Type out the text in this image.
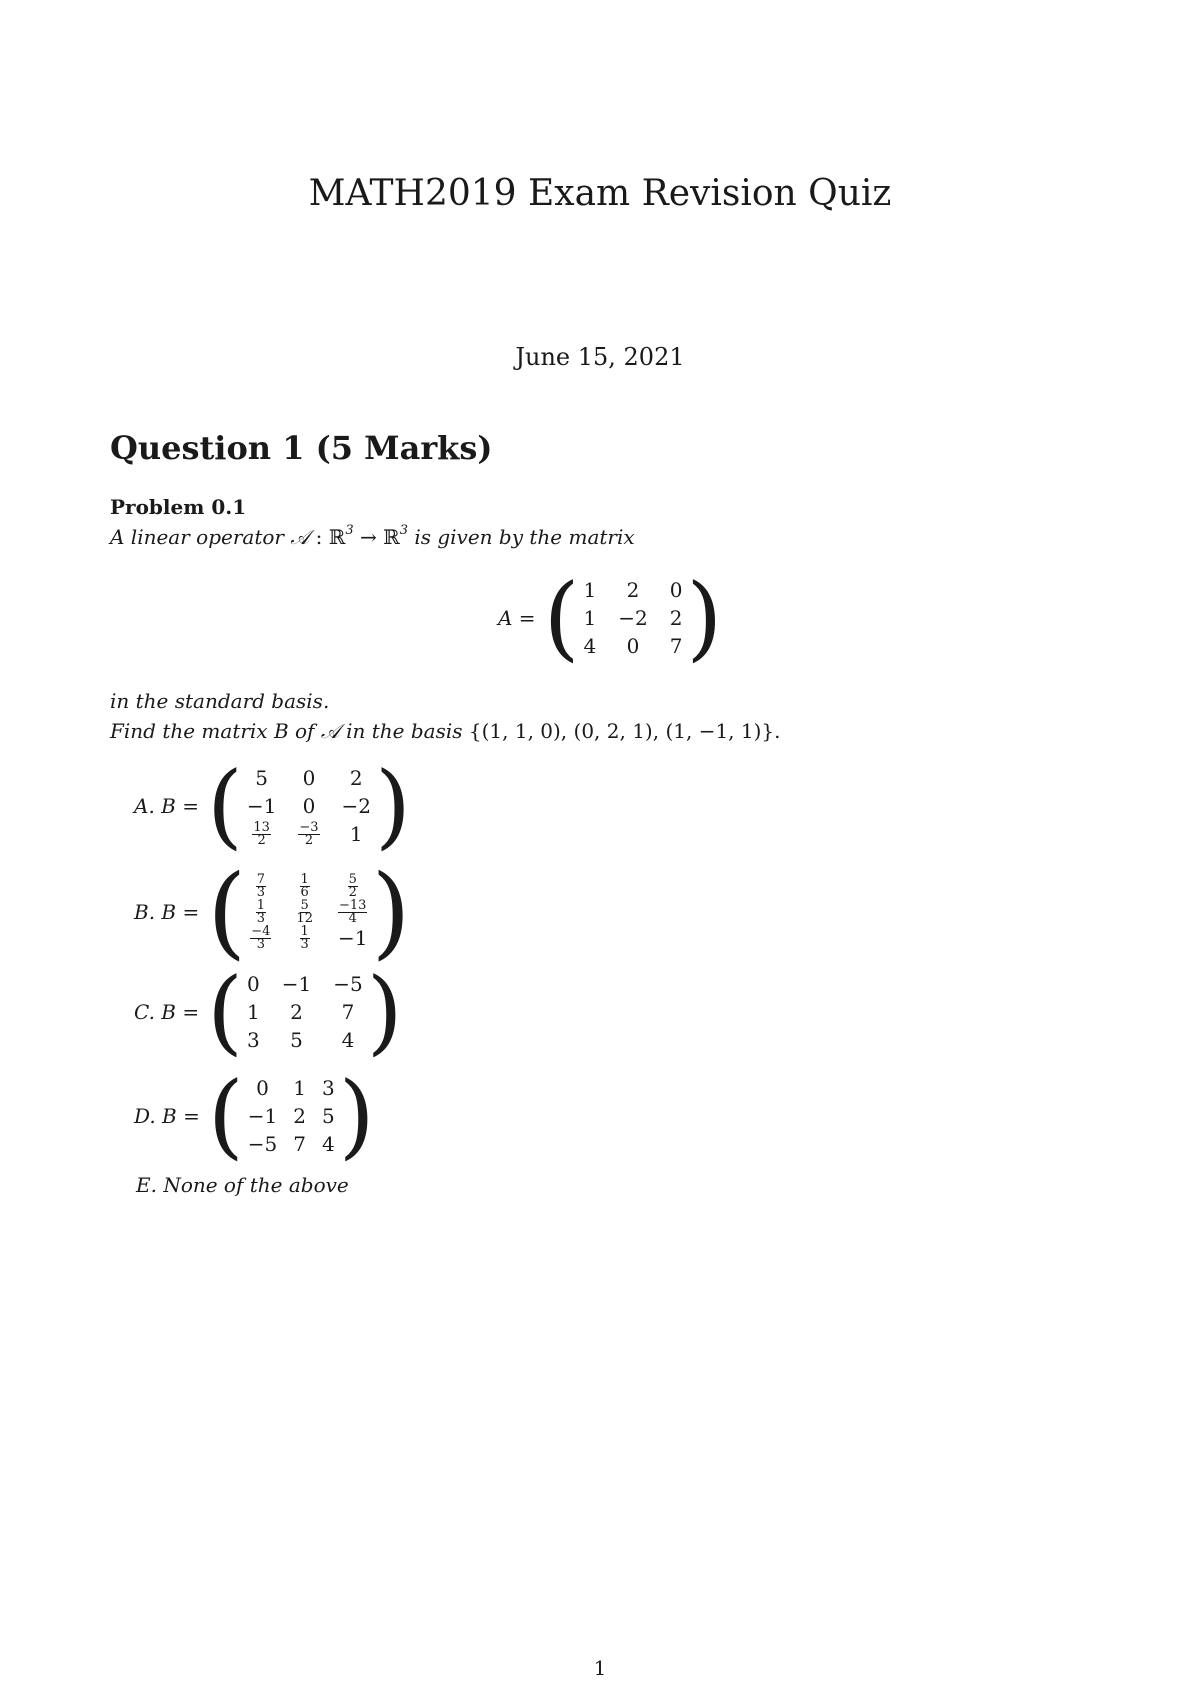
MATH2019 Exam Revision Quiz
June 15, 2021
Question 1 (5 Marks)
Problem 0.1
A linear operator 𝒜 : ℝ$^3$ → ℝ$^3$ is given by the matrix
A = ( 1	2	0
1 −2 2
4	0	7 )
in the standard basis.
Find the matrix B of 𝒜 in the basis {(1, 1, 0), (0, 2, 1), (1, −1, 1)}.
A. B = ( 5	0	2
−1 0 −2
$\frac{13}{2} \frac{-3}{2}$	1 )
B. B = ( $\frac{7}{3}$	$\frac{1}{6}$	$\frac{5}{2}$
$\frac{1}{3} \frac{5}{12} \frac{-13}{4}$
$\frac{-4}{3} \frac{1}{3} -1$ )
C. B = ( 0 −1 −5
1	2	7
3	5	4 )
D. B = ( 0	1 3
−1 2 5
−5 7 4 )
E. None of the above
1
